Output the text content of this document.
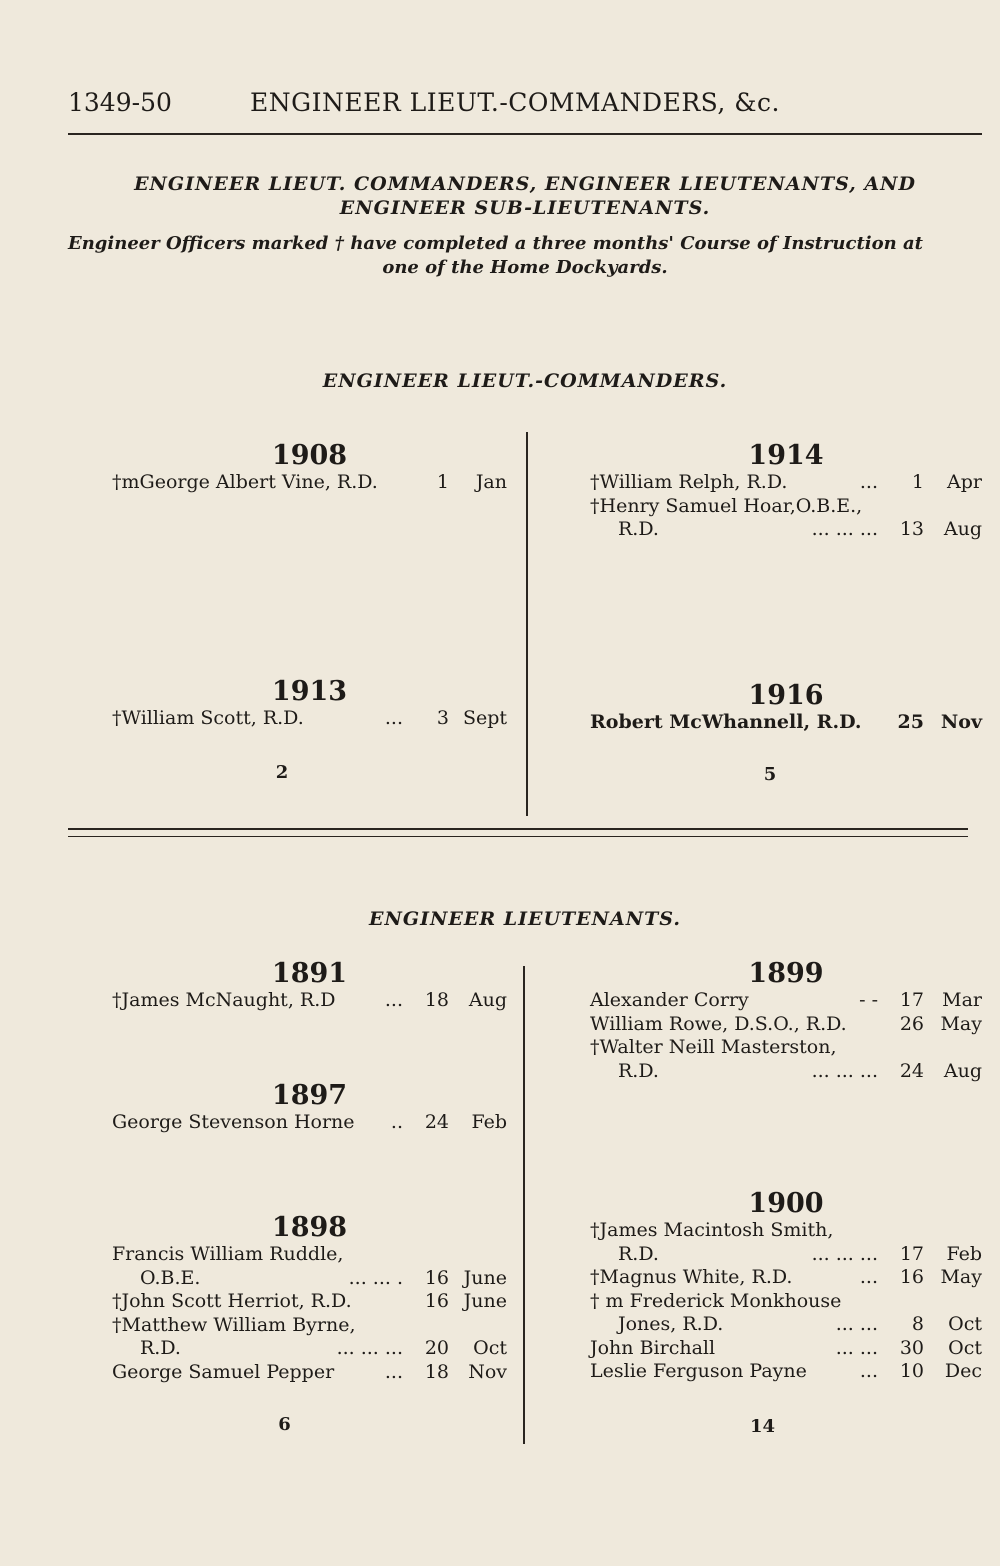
1349-50	ENGINEER LIEUT.-COMMANDERS, &c.
ENGINEER LIEUT. COMMANDERS, ENGINEER LIEUTENANTS, AND
ENGINEER SUB-LIEUTENANTS.
Engineer Officers marked † have completed a three months' Course of Instruction at
one of the Home Dockyards.
ENGINEER LIEUT.-COMMANDERS.
1908
†mGeorge Albert Vine, R.D.	1	Jan
1913
†William Scott, R.D.	...	3 Sept
2
1914
†William Relph, R.D.	...	1	Apr
†Henry Samuel Hoar,O.B.E.,
R.D.	... ... ...	13	Aug
1916
Robert McWhannell, R.D.	25 Nov
5
ENGINEER LIEUTENANTS.
1891
†James McNaught, R.D	...	18	Aug
1897
George Stevenson Horne	..	24	Feb
1898
Francis William Ruddle,
O.B.E.	... ... .	16 June
†John Scott Herriot, R.D.	16 June
†Matthew William Byrne,
R.D.	... ... ...	20	Oct
George Samuel Pepper	...	18	Nov
6
1899
Alexander Corry	- -	17 Mar
William Rowe, D.S.O., R.D.	26 May
†Walter Neill Masterston,
R.D.	... ... ...	24	Aug
1900
†James Macintosh Smith,
R.D.	... ... ...	17	Feb
†Magnus White, R.D.	...	16 May
† m Frederick Monkhouse
Jones, R.D.	... ...	8	Oct
John Birchall	... ...	30	Oct
Leslie Ferguson Payne	...	10	Dec
14
